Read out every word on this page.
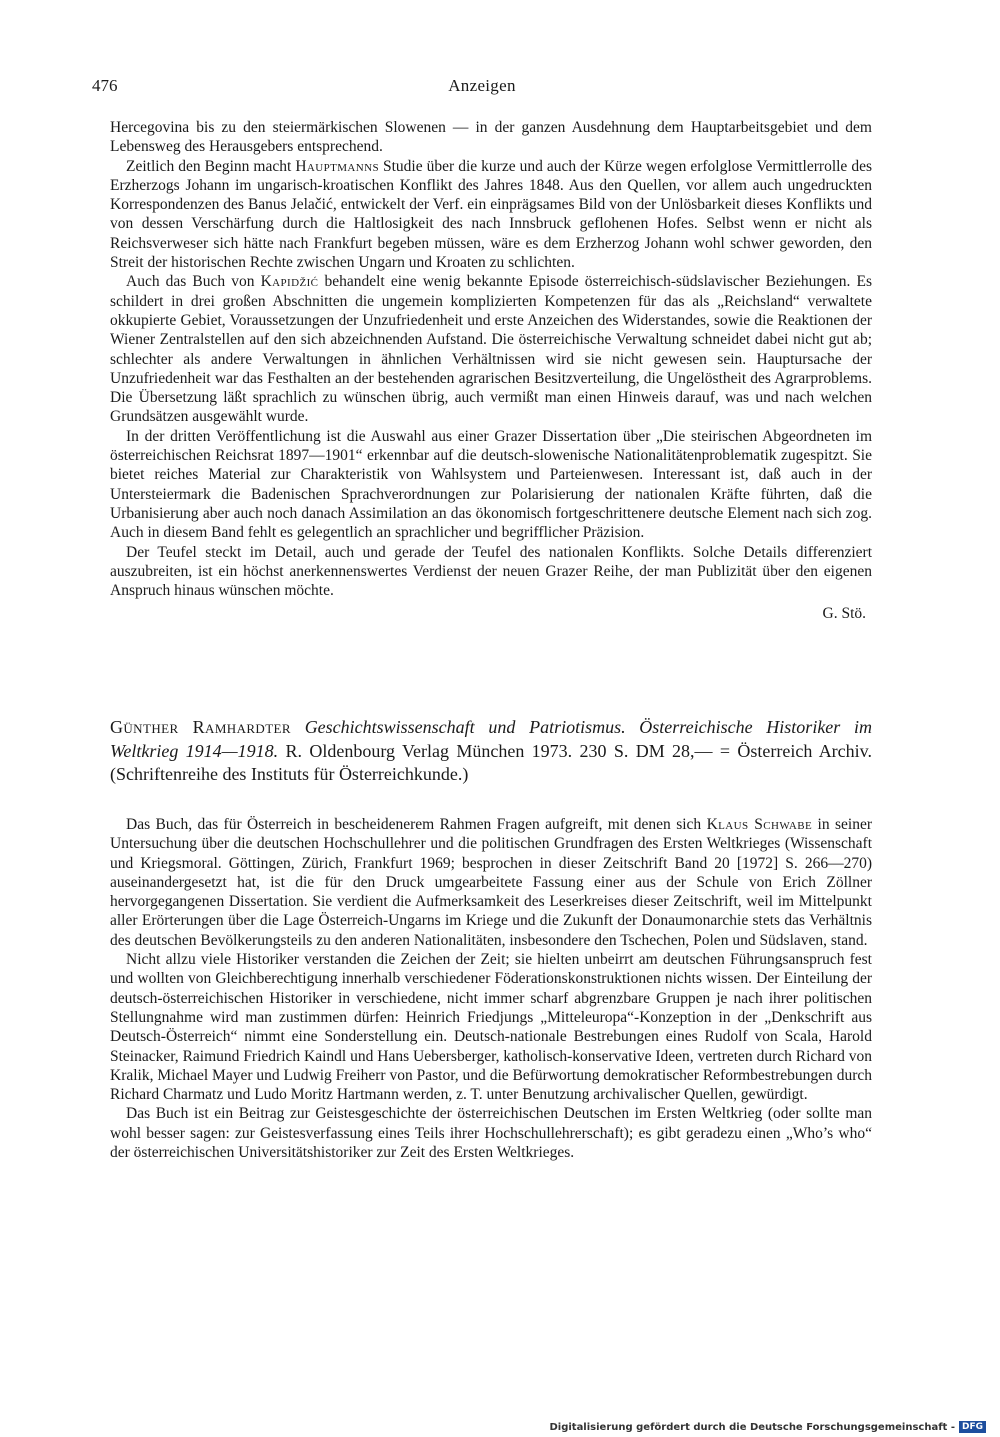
476	Anzeigen

Hercegovina bis zu den steiermärkischen Slowenen — in der ganzen Ausdehnung dem Hauptarbeitsgebiet und dem Lebensweg des Herausgebers entsprechend.

Zeitlich den Beginn macht Hauptmanns Studie über die kurze und auch der Kürze wegen erfolglose Vermittlerrolle des Erzherzogs Johann im ungarisch-kroatischen Konflikt des Jahres 1848. Aus den Quellen, vor allem auch ungedruckten Korrespondenzen des Banus Jelačić, entwickelt der Verf. ein einprägsames Bild von der Unlösbarkeit dieses Konflikts und von dessen Verschärfung durch die Haltlosigkeit des nach Innsbruck geflohenen Hofes. Selbst wenn er nicht als Reichsverweser sich hätte nach Frankfurt begeben müssen, wäre es dem Erzherzog Johann wohl schwer geworden, den Streit der historischen Rechte zwischen Ungarn und Kroaten zu schlichten.

Auch das Buch von Kapidžić behandelt eine wenig bekannte Episode österreichisch-südslavischer Beziehungen. Es schildert in drei großen Abschnitten die ungemein komplizierten Kompetenzen für das als „Reichsland“ verwaltete okkupierte Gebiet, Voraussetzungen der Unzufriedenheit und erste Anzeichen des Widerstandes, sowie die Reaktionen der Wiener Zentralstellen auf den sich abzeichnenden Aufstand. Die österreichische Verwaltung schneidet dabei nicht gut ab; schlechter als andere Verwaltungen in ähnlichen Verhältnissen wird sie nicht gewesen sein. Hauptursache der Unzufriedenheit war das Festhalten an der bestehenden agrarischen Besitzverteilung, die Ungelöstheit des Agrarproblems. Die Übersetzung läßt sprachlich zu wünschen übrig, auch vermißt man einen Hinweis darauf, was und nach welchen Grundsätzen ausgewählt wurde.

In der dritten Veröffentlichung ist die Auswahl aus einer Grazer Dissertation über „Die steirischen Abgeordneten im österreichischen Reichsrat 1897—1901“ erkennbar auf die deutsch-slowenische Nationalitätenproblematik zugespitzt. Sie bietet reiches Material zur Charakteristik von Wahlsystem und Parteienwesen. Interessant ist, daß auch in der Untersteiermark die Badenischen Sprachverordnungen zur Polarisierung der nationalen Kräfte führten, daß die Urbanisierung aber auch noch danach Assimilation an das ökonomisch fortgeschrittenere deutsche Element nach sich zog. Auch in diesem Band fehlt es gelegentlich an sprachlicher und begrifflicher Präzision.

Der Teufel steckt im Detail, auch und gerade der Teufel des nationalen Konflikts. Solche Details differenziert auszubreiten, ist ein höchst anerkennenswertes Verdienst der neuen Grazer Reihe, der man Publizität über den eigenen Anspruch hinaus wünschen möchte.

G. Stö.
Günther Ramhardter Geschichtswissenschaft und Patriotismus. Österreichische Historiker im Weltkrieg 1914—1918. R. Oldenbourg Verlag München 1973. 230 S. DM 28,— = Österreich Archiv. (Schriftenreihe des Instituts für Österreichkunde.)

Das Buch, das für Österreich in bescheidenerem Rahmen Fragen aufgreift, mit denen sich Klaus Schwabe in seiner Untersuchung über die deutschen Hochschullehrer und die politischen Grundfragen des Ersten Weltkrieges (Wissenschaft und Kriegsmoral. Göttingen, Zürich, Frankfurt 1969; besprochen in dieser Zeitschrift Band 20 [1972] S. 266—270) auseinandergesetzt hat, ist die für den Druck umgearbeitete Fassung einer aus der Schule von Erich Zöllner hervorgegangenen Dissertation. Sie verdient die Aufmerksamkeit des Leserkreises dieser Zeitschrift, weil im Mittelpunkt aller Erörterungen über die Lage Österreich-Ungarns im Kriege und die Zukunft der Donaumonarchie stets das Verhältnis des deutschen Bevölkerungsteils zu den anderen Nationalitäten, insbesondere den Tschechen, Polen und Südslaven, stand.

Nicht allzu viele Historiker verstanden die Zeichen der Zeit; sie hielten unbeirrt am deutschen Führungsanspruch fest und wollten von Gleichberechtigung innerhalb verschiedener Föderationskonstruktionen nichts wissen. Der Einteilung der deutsch-österreichischen Historiker in verschiedene, nicht immer scharf abgrenzbare Gruppen je nach ihrer politischen Stellungnahme wird man zustimmen dürfen: Heinrich Friedjungs „Mitteleuropa“-Konzeption in der „Denkschrift aus Deutsch-Österreich“ nimmt eine Sonderstellung ein. Deutsch-nationale Bestrebungen eines Rudolf von Scala, Harold Steinacker, Raimund Friedrich Kaindl und Hans Uebersberger, katholisch-konservative Ideen, vertreten durch Richard von Kralik, Michael Mayer und Ludwig Freiherr von Pastor, und die Befürwortung demokratischer Reformbestrebungen durch Richard Charmatz und Ludo Moritz Hartmann werden, z. T. unter Benutzung archivalischer Quellen, gewürdigt.

Das Buch ist ein Beitrag zur Geistesgeschichte der österreichischen Deutschen im Ersten Weltkrieg (oder sollte man wohl besser sagen: zur Geistesverfassung eines Teils ihrer Hochschullehrerschaft); es gibt geradezu einen „Who’s who“ der österreichischen Universitätshistoriker zur Zeit des Ersten Weltkrieges.

Digitalisierung gefördert durch die Deutsche Forschungsgemeinschaft - DFG
